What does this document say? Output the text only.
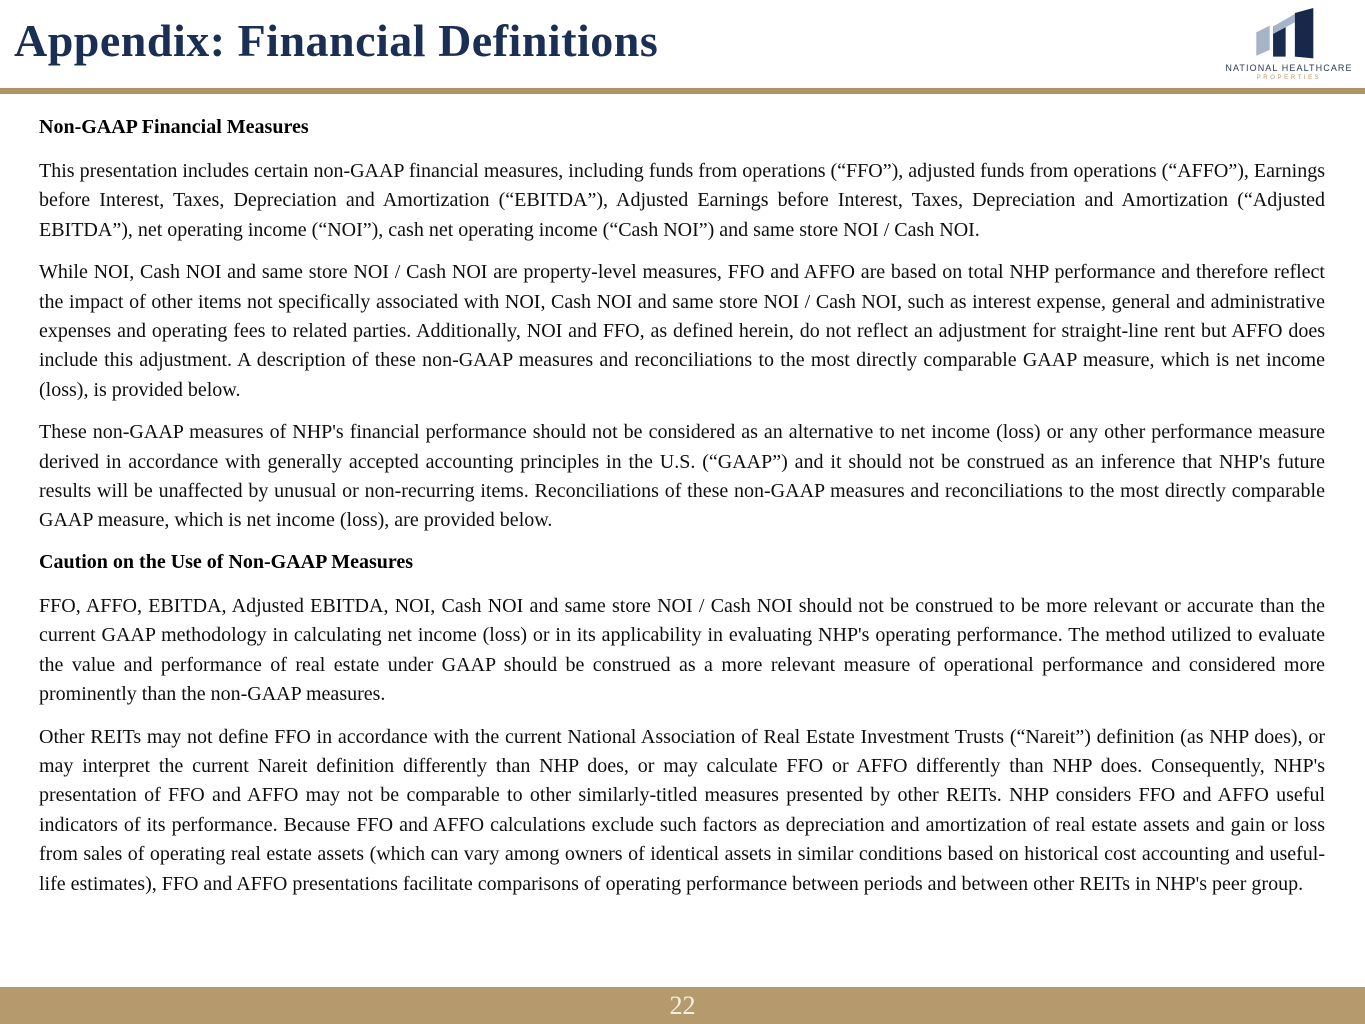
Appendix: Financial Definitions
NATIONAL HEALTHCARE
PROPERTIES
Non-GAAP Financial Measures

This presentation includes certain non-GAAP financial measures, including funds from operations (“FFO”), adjusted funds from operations (“AFFO”), Earnings before Interest, Taxes, Depreciation and Amortization (“EBITDA”), Adjusted Earnings before Interest, Taxes, Depreciation and Amortization (“Adjusted EBITDA”), net operating income (“NOI”), cash net operating income (“Cash NOI”) and same store NOI / Cash NOI.

While NOI, Cash NOI and same store NOI / Cash NOI are property-level measures, FFO and AFFO are based on total NHP performance and therefore reflect the impact of other items not specifically associated with NOI, Cash NOI and same store NOI / Cash NOI, such as interest expense, general and administrative expenses and operating fees to related parties. Additionally, NOI and FFO, as defined herein, do not reflect an adjustment for straight-line rent but AFFO does include this adjustment. A description of these non-GAAP measures and reconciliations to the most directly comparable GAAP measure, which is net income (loss), is provided below.

These non-GAAP measures of NHP's financial performance should not be considered as an alternative to net income (loss) or any other performance measure derived in accordance with generally accepted accounting principles in the U.S. (“GAAP”) and it should not be construed as an inference that NHP's future results will be unaffected by unusual or non-recurring items. Reconciliations of these non-GAAP measures and reconciliations to the most directly comparable GAAP measure, which is net income (loss), are provided below.

Caution on the Use of Non-GAAP Measures

FFO, AFFO, EBITDA, Adjusted EBITDA, NOI, Cash NOI and same store NOI / Cash NOI should not be construed to be more relevant or accurate than the current GAAP methodology in calculating net income (loss) or in its applicability in evaluating NHP's operating performance. The method utilized to evaluate the value and performance of real estate under GAAP should be construed as a more relevant measure of operational performance and considered more prominently than the non-GAAP measures.

Other REITs may not define FFO in accordance with the current National Association of Real Estate Investment Trusts (“Nareit”) definition (as NHP does), or may interpret the current Nareit definition differently than NHP does, or may calculate FFO or AFFO differently than NHP does. Consequently, NHP's presentation of FFO and AFFO may not be comparable to other similarly-titled measures presented by other REITs. NHP considers FFO and AFFO useful indicators of its performance. Because FFO and AFFO calculations exclude such factors as depreciation and amortization of real estate assets and gain or loss from sales of operating real estate assets (which can vary among owners of identical assets in similar conditions based on historical cost accounting and useful-life estimates), FFO and AFFO presentations facilitate comparisons of operating performance between periods and between other REITs in NHP's peer group.

22
